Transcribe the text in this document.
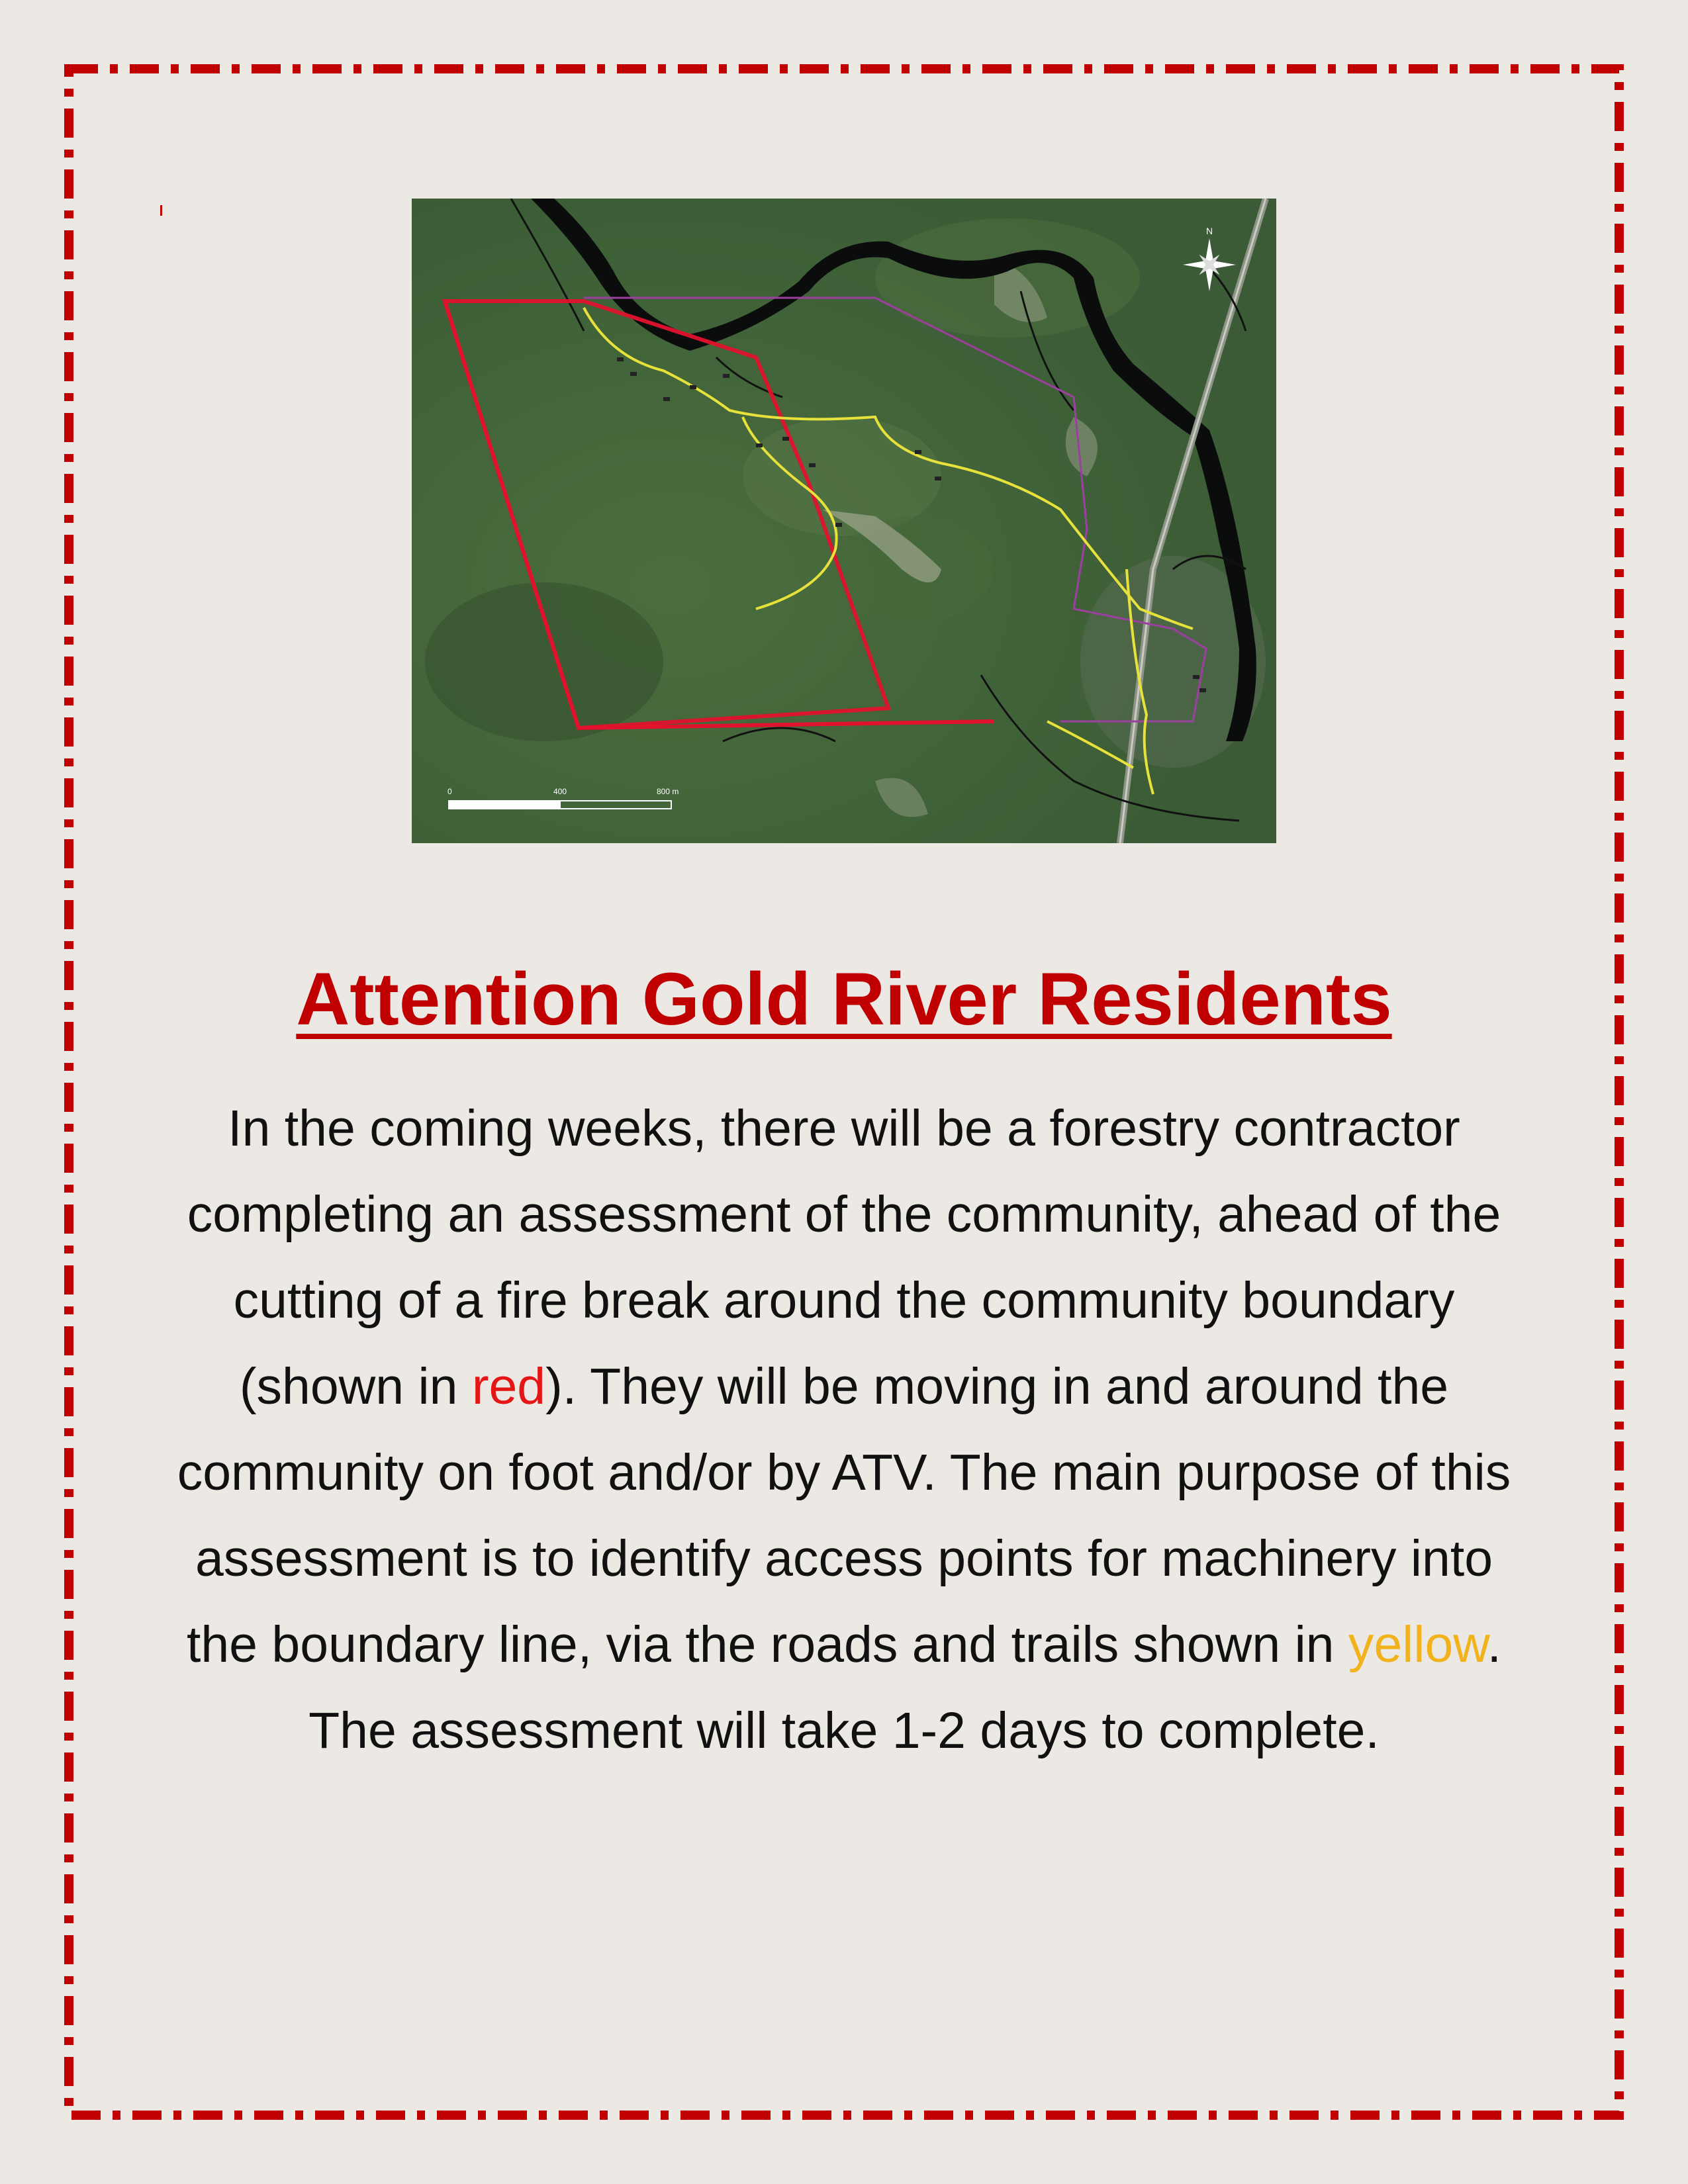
N
0	400	800 m
Attention Gold River Residents
In the coming weeks, there will be a forestry contractor completing an assessment of the community, ahead of the cutting of a fire break around the community boundary (shown in red). They will be moving in and around the community on foot and/or by ATV. The main purpose of this assessment is to identify access points for machinery into the boundary line, via the roads and trails shown in yellow. The assessment will take 1-2 days to complete.
